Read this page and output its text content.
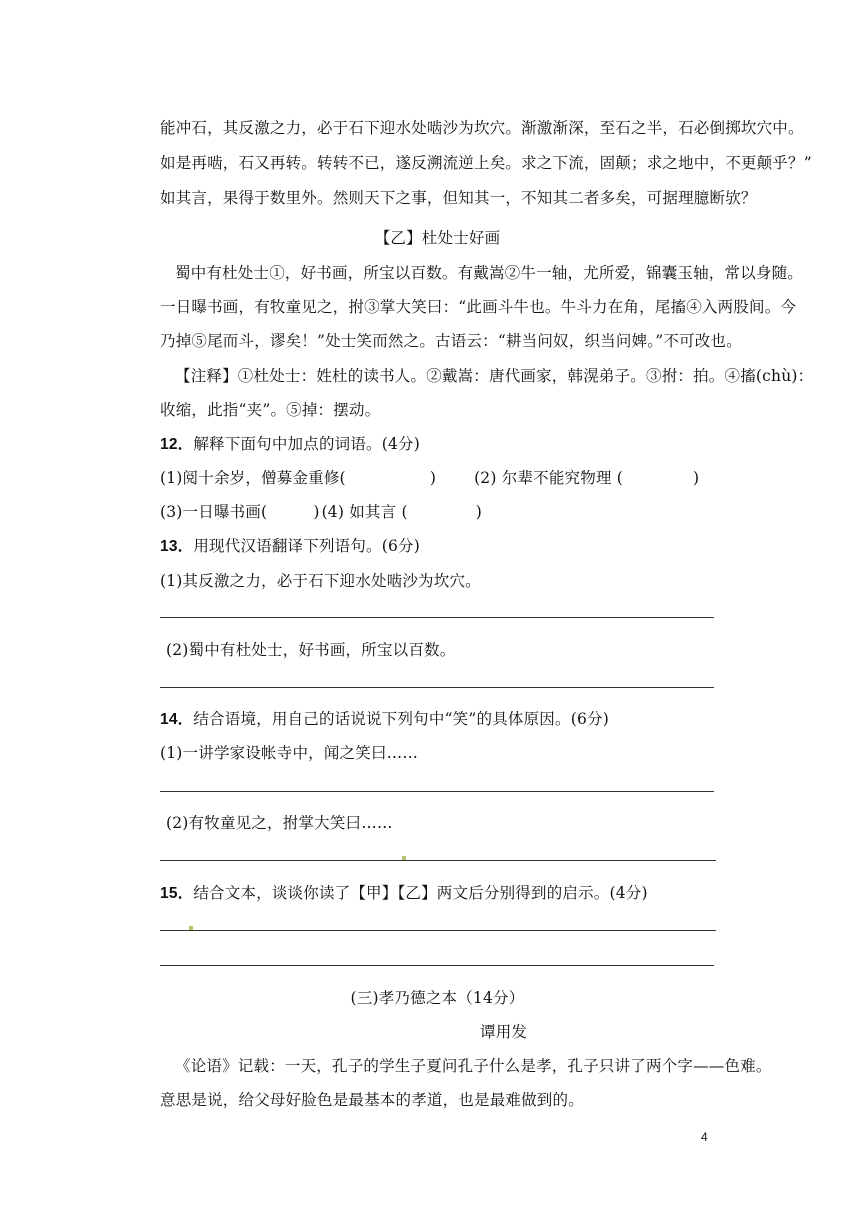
能冲石，其反激之力，必于石下迎水处啮沙为坎穴。渐激渐深，至石之半，石必倒掷坎穴中。
如是再啮，石又再转。转转不已，遂反溯流逆上矣。求之下流，固颠；求之地中，不更颠乎？”
如其言，果得于数里外。然则天下之事，但知其一，不知其二者多矣，可据理臆断欤？
【乙】杜处士好画
蜀中有杜处士①，好书画，所宝以百数。有戴嵩②牛一轴，尤所爱，锦囊玉轴，常以身随。
一日曝书画，有牧童见之，拊③掌大笑曰：“此画斗牛也。牛斗力在角，尾搐④入两股间。今
乃掉⑤尾而斗，谬矣！”处士笑而然之。古语云：“耕当问奴，织当问婢。”不可改也。
【注释】①杜处士：姓杜的读书人。②戴嵩：唐代画家，韩滉弟子。③拊：拍。④搐(chù)：
收缩，此指“夹”。⑤掉：摆动。
12．解释下面句中加点的词语。(4分)
(1)阅十余岁，僧募金重修(	) (2) 尔辈不能究物理 (	)
(3)一日曝书画(	) (4) 如其言 (	)
13．用现代汉语翻译下列语句。(6分)
(1)其反激之力，必于石下迎水处啮沙为坎穴。
(2)蜀中有杜处士，好书画，所宝以百数。
14．结合语境，用自己的话说说下列句中“笑”的具体原因。(6分)
(1)一讲学家设帐寺中，闻之笑曰……
(2)有牧童见之，拊掌大笑曰……
15．结合文本，谈谈你读了【甲】【乙】两文后分别得到的启示。(4分)
(三)孝乃德之本（14分）
谭用发
《论语》记载：一天，孔子的学生子夏问孔子什么是孝，孔子只讲了两个字——色难。
意思是说，给父母好脸色是最基本的孝道，也是最难做到的。
4
